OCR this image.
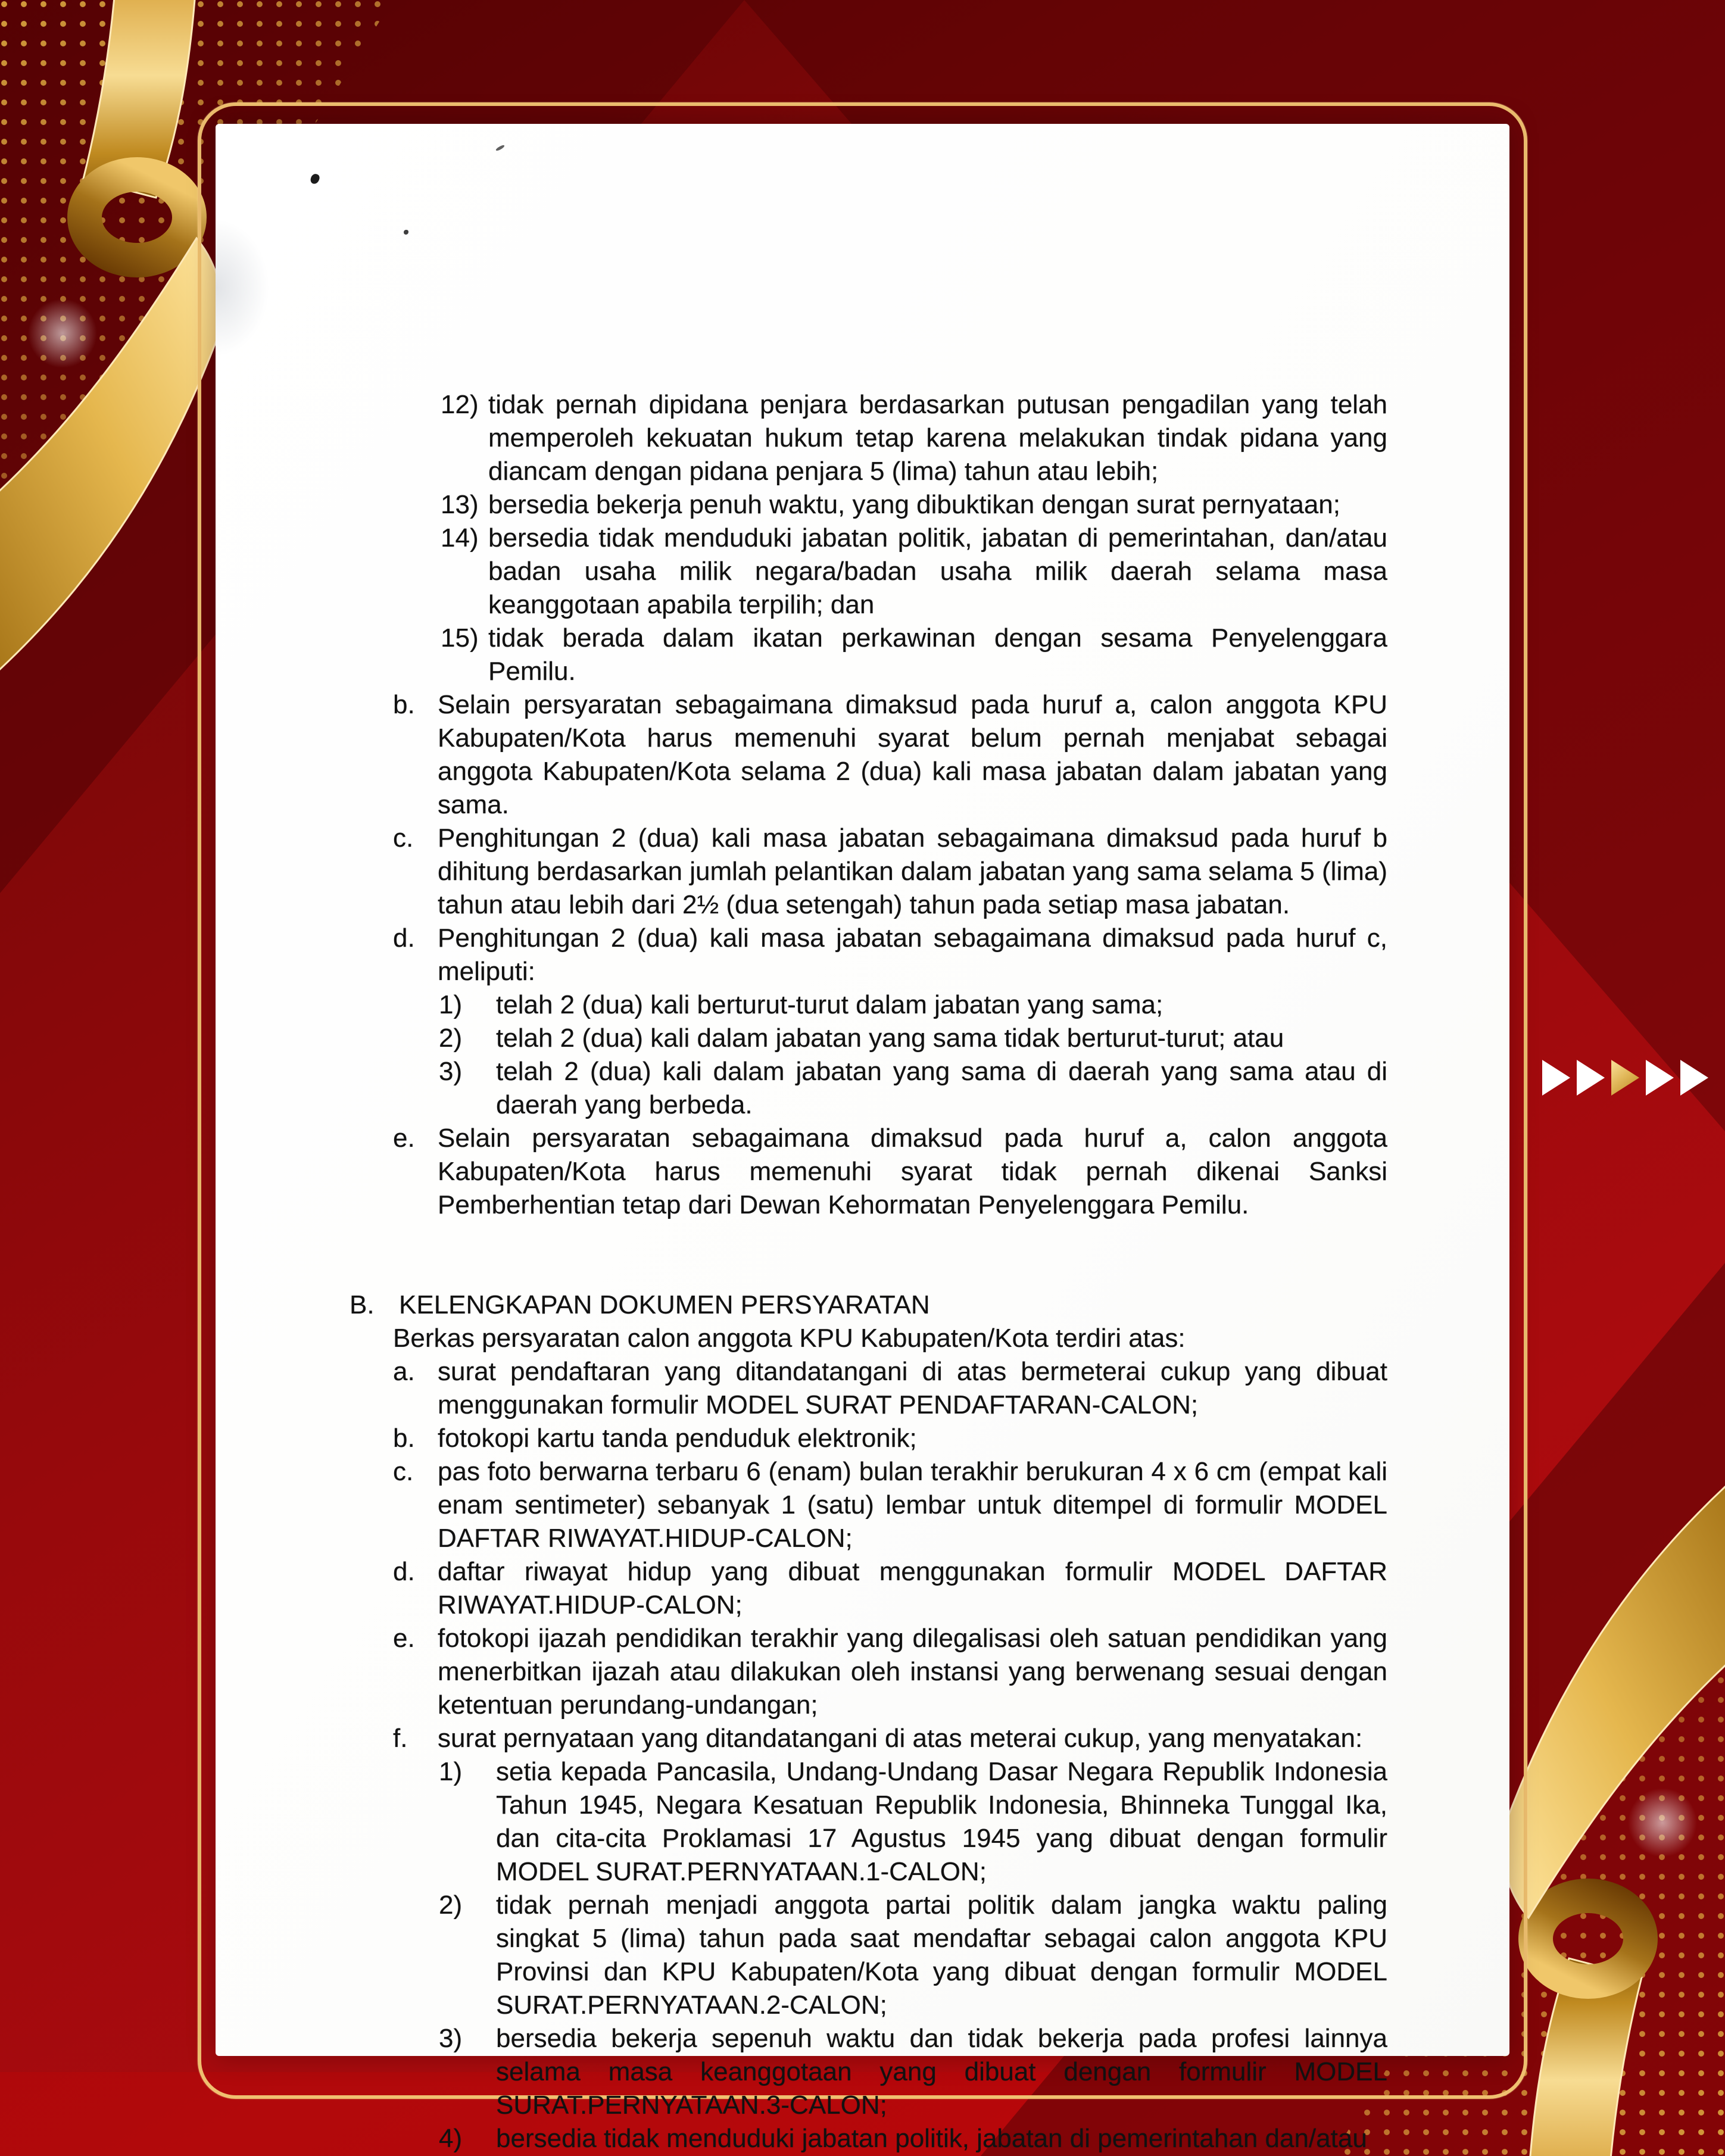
12) tidak pernah dipidana penjara berdasarkan putusan pengadilan yang telah memperoleh kekuatan hukum tetap karena melakukan tindak pidana yang diancam dengan pidana penjara 5 (lima) tahun atau lebih;
13) bersedia bekerja penuh waktu, yang dibuktikan dengan surat pernyataan;
14) bersedia tidak menduduki jabatan politik, jabatan di pemerintahan, dan/atau badan usaha milik negara/badan usaha milik daerah selama masa keanggotaan apabila terpilih; dan
15) tidak berada dalam ikatan perkawinan dengan sesama Penyelenggara Pemilu.
b. Selain persyaratan sebagaimana dimaksud pada huruf a, calon anggota KPU Kabupaten/Kota harus memenuhi syarat belum pernah menjabat sebagai anggota Kabupaten/Kota selama 2 (dua) kali masa jabatan dalam jabatan yang sama.
c. Penghitungan 2 (dua) kali masa jabatan sebagaimana dimaksud pada huruf b dihitung berdasarkan jumlah pelantikan dalam jabatan yang sama selama 5 (lima) tahun atau lebih dari 2½ (dua setengah) tahun pada setiap masa jabatan.
d. Penghitungan 2 (dua) kali masa jabatan sebagaimana dimaksud pada huruf c, meliputi:
1)	telah 2 (dua) kali berturut-turut dalam jabatan yang sama;
2)	telah 2 (dua) kali dalam jabatan yang sama tidak berturut-turut; atau
3)	telah 2 (dua) kali dalam jabatan yang sama di daerah yang sama atau di daerah yang berbeda.
e. Selain persyaratan sebagaimana dimaksud pada huruf a, calon anggota Kabupaten/Kota harus memenuhi syarat tidak pernah dikenai Sanksi Pemberhentian tetap dari Dewan Kehormatan Penyelenggara Pemilu.
B. KELENGKAPAN DOKUMEN PERSYARATAN
Berkas persyaratan calon anggota KPU Kabupaten/Kota terdiri atas:
a. surat pendaftaran yang ditandatangani di atas bermeterai cukup yang dibuat menggunakan formulir MODEL SURAT PENDAFTARAN-CALON;
b. fotokopi kartu tanda penduduk elektronik;
c. pas foto berwarna terbaru 6 (enam) bulan terakhir berukuran 4 x 6 cm (empat kali enam sentimeter) sebanyak 1 (satu) lembar untuk ditempel di formulir MODEL DAFTAR RIWAYAT.HIDUP-CALON;
d. daftar riwayat hidup yang dibuat menggunakan formulir MODEL DAFTAR RIWAYAT.HIDUP-CALON;
e. fotokopi ijazah pendidikan terakhir yang dilegalisasi oleh satuan pendidikan yang menerbitkan ijazah atau dilakukan oleh instansi yang berwenang sesuai dengan ketentuan perundang-undangan;
f.	surat pernyataan yang ditandatangani di atas meterai cukup, yang menyatakan:
1)	setia kepada Pancasila, Undang-Undang Dasar Negara Republik Indonesia Tahun 1945, Negara Kesatuan Republik Indonesia, Bhinneka Tunggal Ika, dan cita-cita Proklamasi 17 Agustus 1945 yang dibuat dengan formulir MODEL SURAT.PERNYATAAN.1-CALON;
2)	tidak pernah menjadi anggota partai politik dalam jangka waktu paling singkat 5 (lima) tahun pada saat mendaftar sebagai calon anggota KPU Provinsi dan KPU Kabupaten/Kota yang dibuat dengan formulir MODEL SURAT.PERNYATAAN.2-CALON;
3)	bersedia bekerja sepenuh waktu dan tidak bekerja pada profesi lainnya selama masa keanggotaan yang dibuat dengan formulir MODEL SURAT.PERNYATAAN.3-CALON;
4)	bersedia tidak menduduki jabatan politik, jabatan di pemerintahan dan/atau
